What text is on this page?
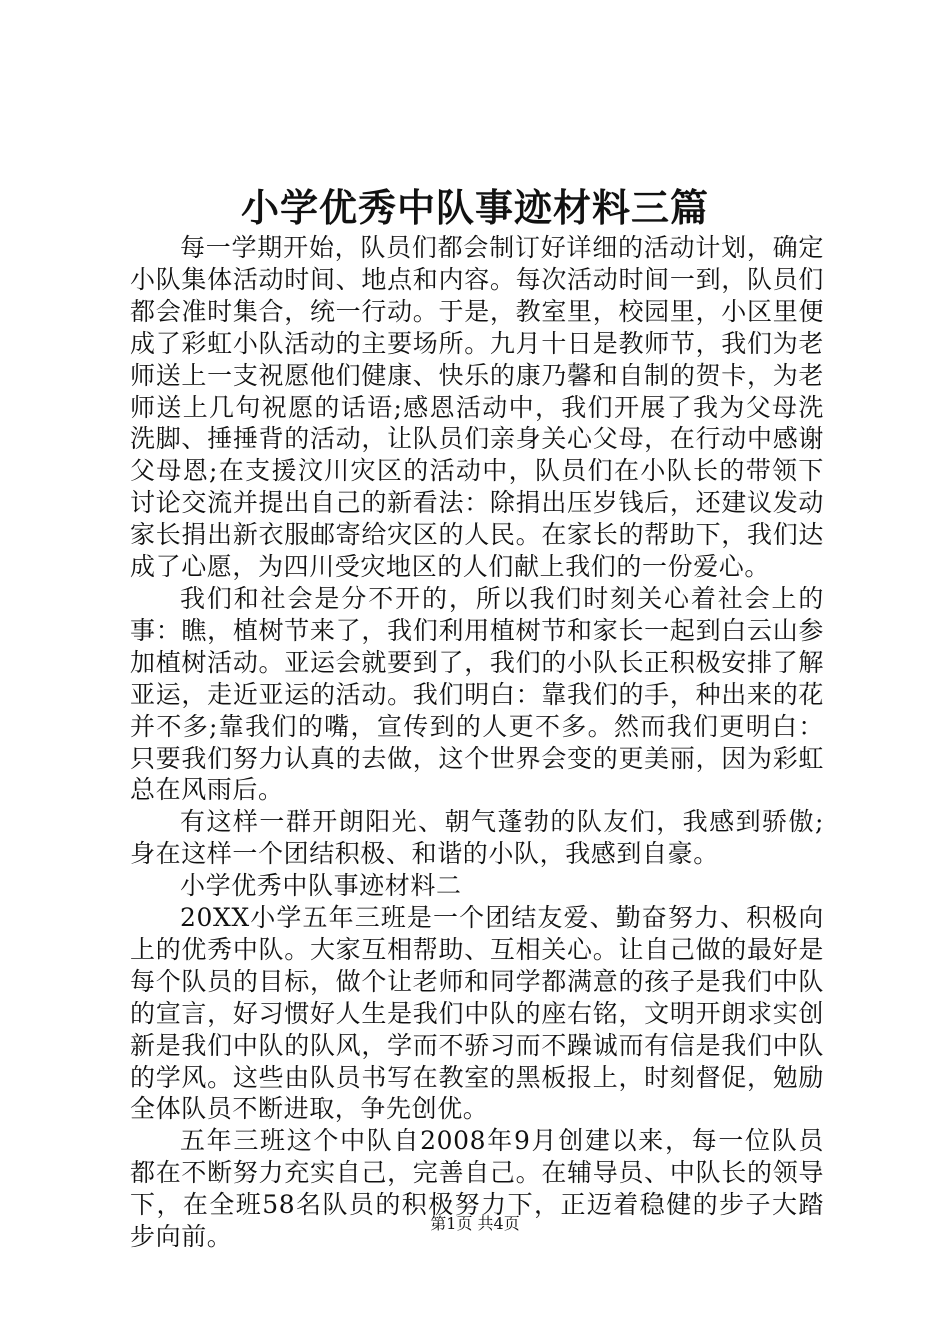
小学优秀中队事迹材料三篇

每一学期开始，队员们都会制订好详细的活动计划，确定小队集体活动时间、地点和内容。每次活动时间一到，队员们都会准时集合，统一行动。于是，教室里，校园里，小区里便成了彩虹小队活动的主要场所。九月十日是教师节，我们为老师送上一支祝愿他们健康、快乐的康乃馨和自制的贺卡，为老师送上几句祝愿的话语;感恩活动中，我们开展了我为父母洗洗脚、捶捶背的活动，让队员们亲身关心父母，在行动中感谢父母恩;在支援汶川灾区的活动中，队员们在小队长的带领下讨论交流并提出自己的新看法：除捐出压岁钱后，还建议发动家长捐出新衣服邮寄给灾区的人民。在家长的帮助下，我们达成了心愿，为四川受灾地区的人们献上我们的一份爱心。

我们和社会是分不开的，所以我们时刻关心着社会上的事：瞧，植树节来了，我们利用植树节和家长一起到白云山参加植树活动。亚运会就要到了，我们的小队长正积极安排了解亚运，走近亚运的活动。我们明白：靠我们的手，种出来的花并不多;靠我们的嘴，宣传到的人更不多。然而我们更明白：只要我们努力认真的去做，这个世界会变的更美丽，因为彩虹总在风雨后。

有这样一群开朗阳光、朝气蓬勃的队友们，我感到骄傲;身在这样一个团结积极、和谐的小队，我感到自豪。

小学优秀中队事迹材料二

20XX小学五年三班是一个团结友爱、勤奋努力、积极向上的优秀中队。大家互相帮助、互相关心。让自己做的最好是每个队员的目标，做个让老师和同学都满意的孩子是我们中队的宣言，好习惯好人生是我们中队的座右铭，文明开朗求实创新是我们中队的队风，学而不骄习而不躁诚而有信是我们中队的学风。这些由队员书写在教室的黑板报上，时刻督促，勉励全体队员不断进取，争先创优。

五年三班这个中队自2008年9月创建以来，每一位队员都在不断努力充实自己，完善自己。在辅导员、中队长的领导下，在全班58名队员的积极努力下，正迈着稳健的步子大踏步向前。	第1页 共4页
